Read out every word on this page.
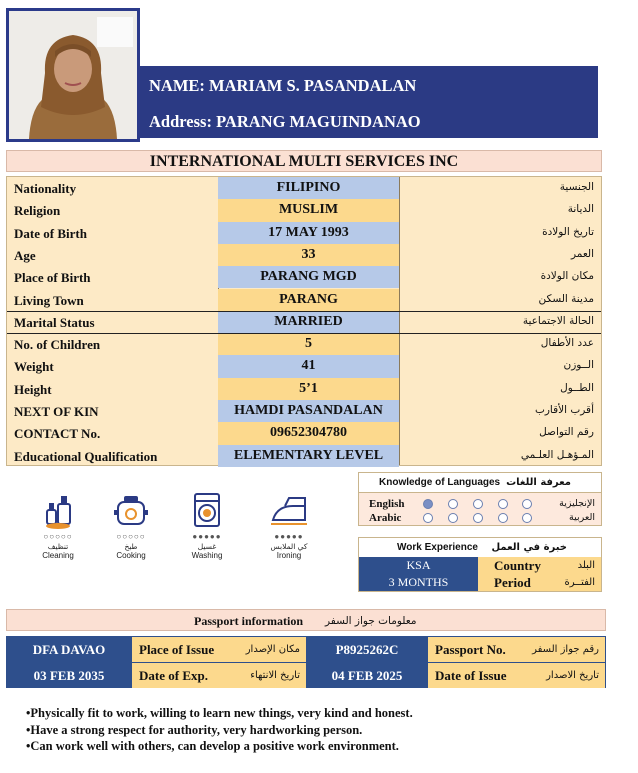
NAME: MARIAM S. PASANDALAN
Address: PARANG MAGUINDANAO
INTERNATIONAL MULTI SERVICES INC
Nationality	FILIPINO	الجنسية
Religion	MUSLIM	الديانة
Date of Birth	17 MAY 1993	تاريخ الولادة
Age	33	العمر
Place of Birth	PARANG MGD	مكان الولادة
Living Town	PARANG	مدينة السكن
Marital Status	MARRIED	الحالة الاجتماعية
No. of Children	5	عدد الأطفال
Weight	41	الــوزن
Height	5’1	الطــول
NEXT OF KIN	HAMDI PASANDALAN	أقرب الأقارب
CONTACT No.	09652304780	رقم التواصل
Educational Qualification	ELEMENTARY LEVEL	المـؤهـل العلـمي
○○○○○
تنظيف
Cleaning
○○○○○
طبخ
Cooking
●●●●●
غسيل
Washing
●●●●●
كي الملابس
Ironing
Knowledge of Languages معرفة اللغات
English	الإنجليزية
Arabic	العربية
Work Experience خبرة في العمل
KSA	Country	البلد
3 MONTHS	Period	الفتــرة
Passport information معلومات جواز السفر
DFA DAVAO	Place of Issue	مكان الإصدار	P8925262C	Passport No.	رقم جواز السفر
03 FEB 2035	Date of Exp.	تاريخ الانتهاء	04 FEB 2025	Date of Issue	تاريخ الاصدار
•Physically fit to work, willing to learn new things, very kind and honest.
•Have a strong respect for authority, very hardworking person.
•Can work well with others, can develop a positive work environment.
